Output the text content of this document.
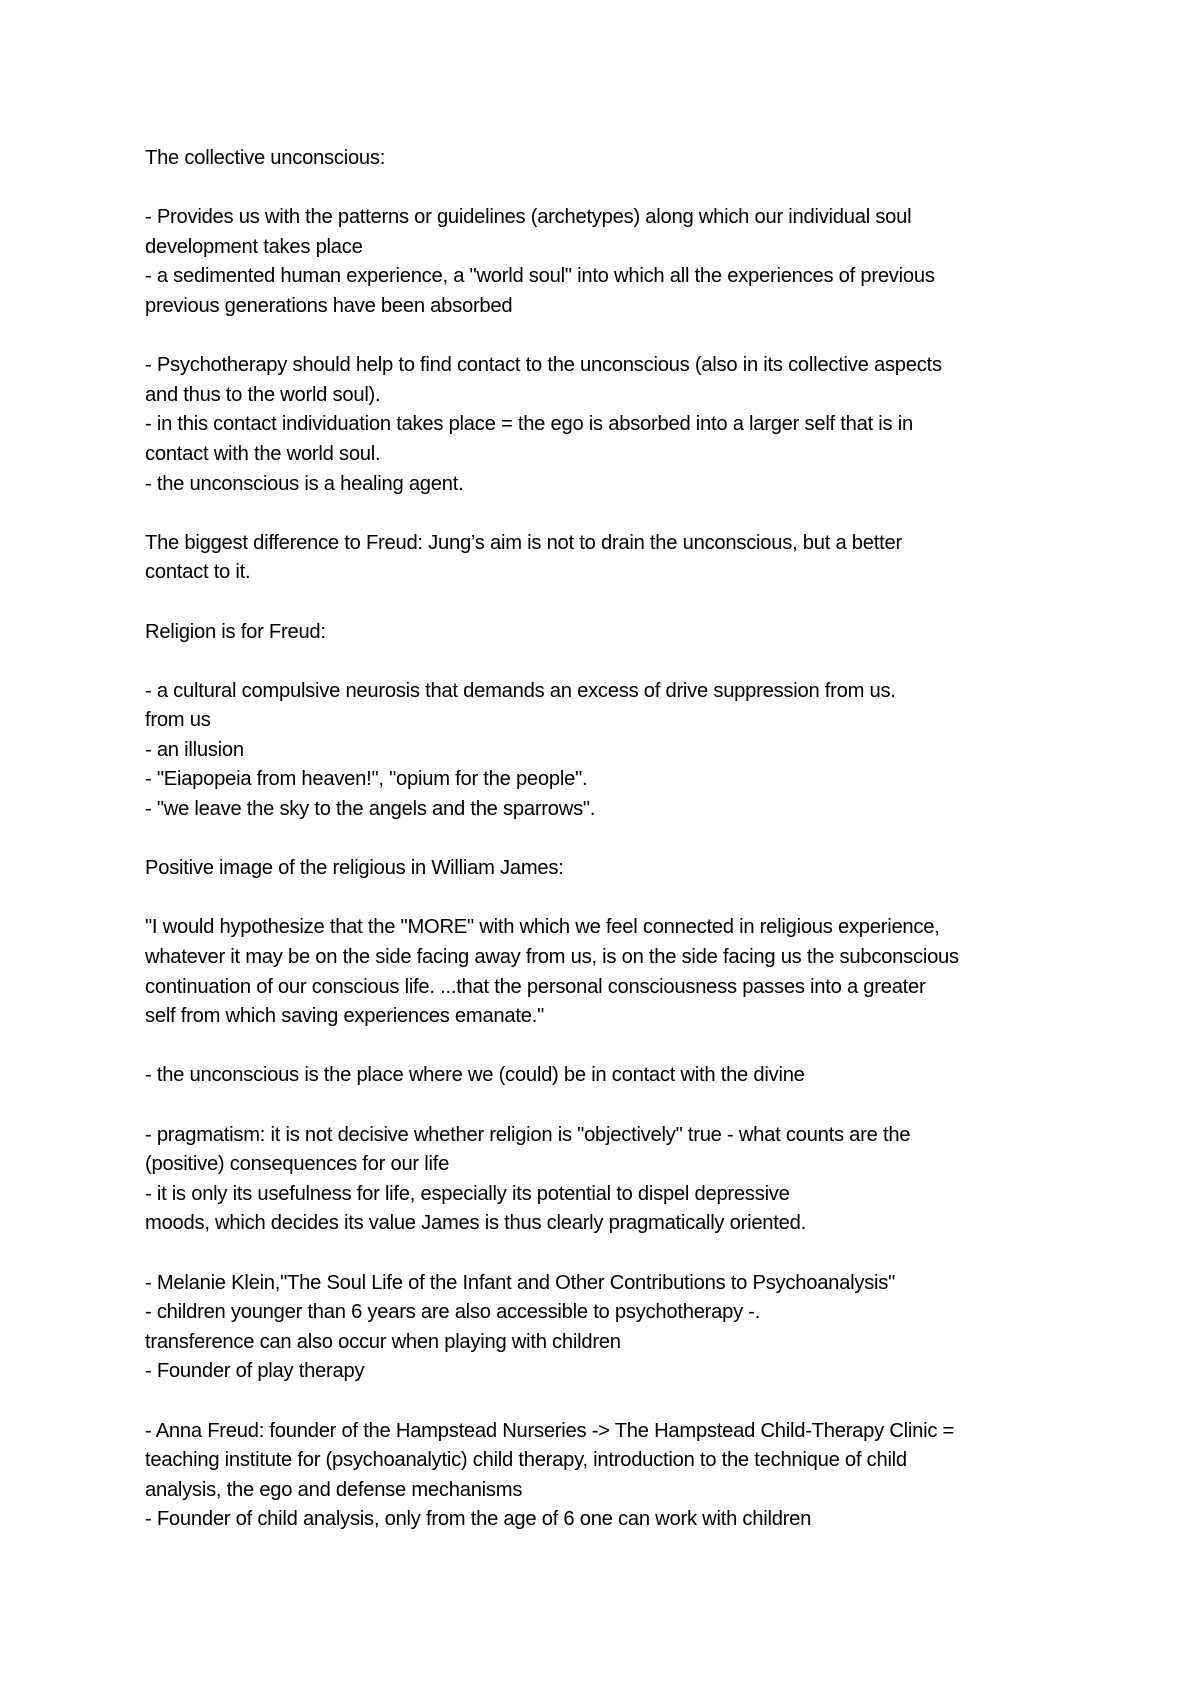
The collective unconscious:
- Provides us with the patterns or guidelines (archetypes) along which our individual soul
development takes place
- a sedimented human experience, a "world soul" into which all the experiences of previous
previous generations have been absorbed
- Psychotherapy should help to find contact to the unconscious (also in its collective aspects
and thus to the world soul).
- in this contact individuation takes place = the ego is absorbed into a larger self that is in
contact with the world soul.
- the unconscious is a healing agent.
The biggest difference to Freud: Jung’s aim is not to drain the unconscious, but a better
contact to it.
Religion is for Freud:
- a cultural compulsive neurosis that demands an excess of drive suppression from us.
from us
- an illusion
- "Eiapopeia from heaven!", "opium for the people".
- "we leave the sky to the angels and the sparrows".
Positive image of the religious in William James:
"I would hypothesize that the "MORE" with which we feel connected in religious experience,
whatever it may be on the side facing away from us, is on the side facing us the subconscious
continuation of our conscious life. ...that the personal consciousness passes into a greater
self from which saving experiences emanate."
- the unconscious is the place where we (could) be in contact with the divine
- pragmatism: it is not decisive whether religion is "objectively" true - what counts are the
(positive) consequences for our life
- it is only its usefulness for life, especially its potential to dispel depressive
moods, which decides its value James is thus clearly pragmatically oriented.
- Melanie Klein,"The Soul Life of the Infant and Other Contributions to Psychoanalysis"
- children younger than 6 years are also accessible to psychotherapy -.
transference can also occur when playing with children
- Founder of play therapy
- Anna Freud: founder of the Hampstead Nurseries -> The Hampstead Child-Therapy Clinic =
teaching institute for (psychoanalytic) child therapy, introduction to the technique of child
analysis, the ego and defense mechanisms
- Founder of child analysis, only from the age of 6 one can work with children
